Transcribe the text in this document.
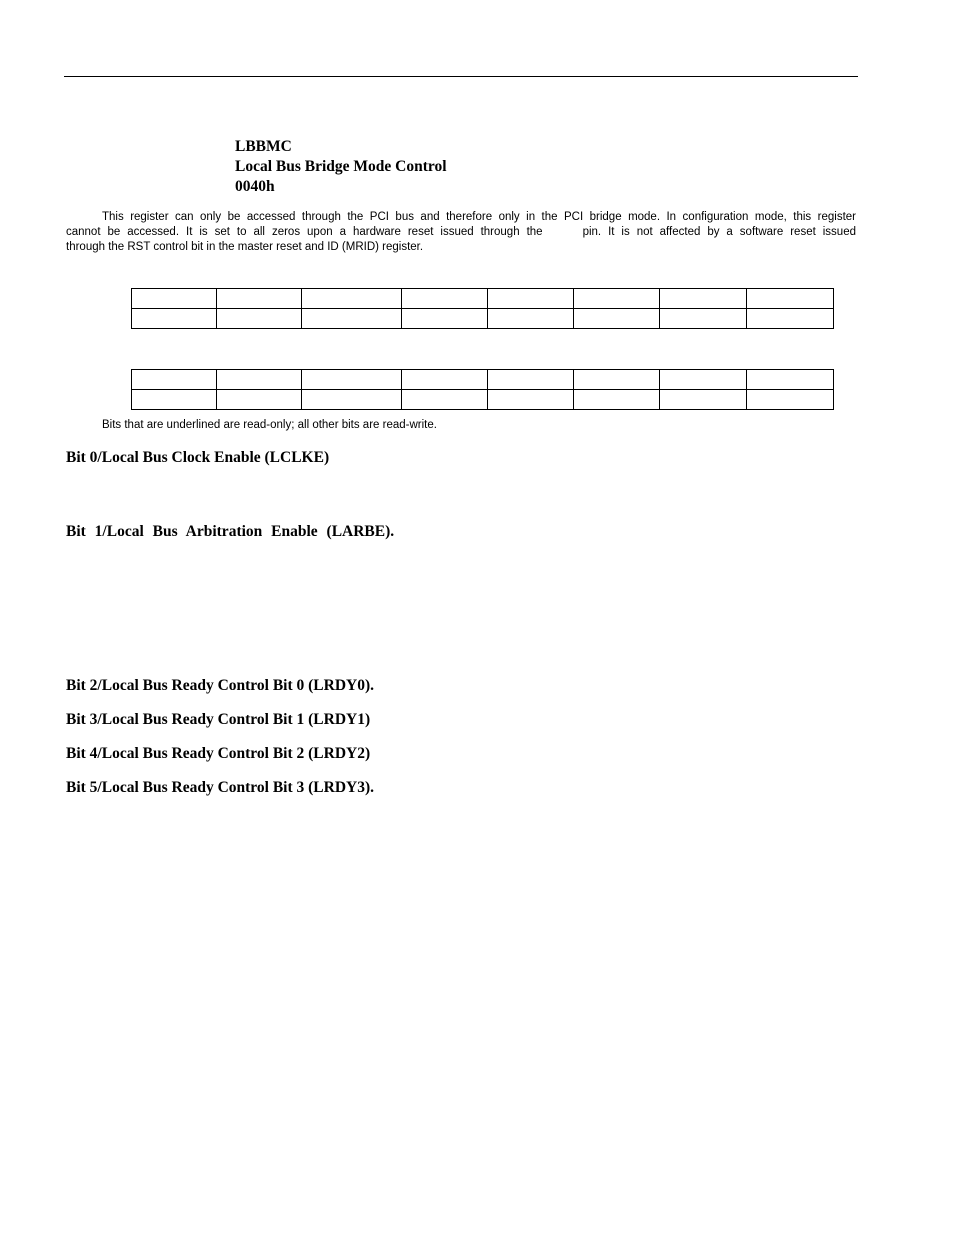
LBBMC
Local Bus Bridge Mode Control
0040h
This register can only be accessed through the PCI bus and therefore only in the PCI bridge mode. In configuration mode, this register
cannot be accessed. It is set to all zeros upon a hardware reset issued through the	pin. It is not affected by a software reset issued
through the RST control bit in the master reset and ID (MRID) register.

Bits that are underlined are read-only; all other bits are read-write.
Bit 0/Local Bus Clock Enable (LCLKE)
Bit 1/Local Bus Arbitration Enable (LARBE).
Bit 2/Local Bus Ready Control Bit 0 (LRDY0).
Bit 3/Local Bus Ready Control Bit 1 (LRDY1)
Bit 4/Local Bus Ready Control Bit 2 (LRDY2)
Bit 5/Local Bus Ready Control Bit 3 (LRDY3).
